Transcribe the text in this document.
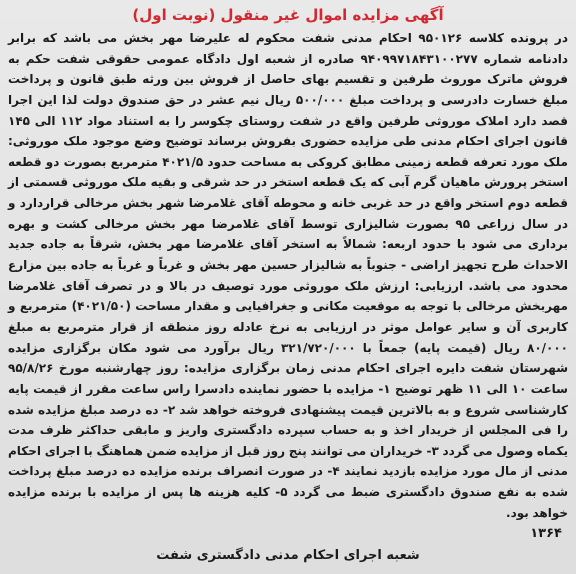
آگهی مزایده اموال غیر منقول (نوبت اول)

در پرونده کلاسه ۹۵۰۱۲۶ احکام مدنی شفت محکوم له علیرضا مهر بخش می باشد که برابر دادنامه شماره ۹۴۰۹۹۷۱۸۴۳۱۰۰۲۷۷ صادره از شعبه اول دادگاه عمومی حقوقی شفت حکم به فروش ماترک موروث طرفین و تقسیم بهای حاصل از فروش بین ورثه طبق قانون و پرداخت مبلغ خسارت دادرسی و پرداخت مبلغ ۵۰۰/۰۰۰ ریال نیم عشر در حق صندوق دولت لذا این اجرا قصد دارد املاک موروثی طرفین واقع در شفت روستای چکوسر را به استناد مواد ۱۱۲ الی ۱۴۵ قانون اجرای احکام مدنی طی مزایده حضوری بفروش برساند توضیح وضع موجود ملک موروثی: ملک مورد تعرفه قطعه زمینی مطابق کروکی به مساحت حدود ۴۰۲۱/۵ مترمربع بصورت دو قطعه استخر پرورش ماهیان گرم آبی که یک قطعه استخر در حد شرقی و بقیه ملک موروثی قسمتی از قطعه دوم استخر واقع در حد غربی خانه و محوطه آقای غلامرضا شهر بخش مرخالی قراردارد و در سال زراعی ۹۵ بصورت شالیزاری توسط آقای غلامرضا مهر بخش مرخالی کشت و بهره برداری می شود با حدود اربعه: شمالاً به استخر آقای غلامرضا مهر بخش، شرقاً به جاده جدید الاحداث طرح تجهیز اراضی - جنوباً به شالیزار حسین مهر بخش و غرباً و غرباً به جاده بین مزارع محدود می باشد. ارزیابی: ارزش ملک موروثی مورد توصیف در بالا و در تصرف آقای غلامرضا مهربخش مرخالی با توجه به موقعیت مکانی و جغرافیایی و مقدار مساحت (۴۰۲۱/۵۰) مترمربع و کاربری آن و سایر عوامل موثر در ارزیابی به نرخ عادله روز منطقه از قرار مترمربع به مبلغ ۸۰/۰۰۰ ریال (قیمت پایه) جمعاً با ۳۲۱/۷۲۰/۰۰۰ ریال برآورد می شود مکان برگزاری مزایده شهرستان شفت دایره اجرای احکام مدنی زمان برگزاری مزایده: روز چهارشنبه مورخ ۹۵/۸/۲۶ ساعت ۱۰ الی ۱۱ ظهر توضیح ۱- مزایده با حضور نماینده دادسرا راس ساعت مقرر از قیمت پایه کارشناسی شروع و به بالاترین قیمت پیشنهادی فروخته خواهد شد ۲- ده درصد مبلغ مزایده شده را فی المجلس از خریدار اخذ و به حساب سپرده دادگستری واریز و مابقی حداکثر ظرف مدت یکماه وصول می گردد ۳- خریداران می توانند پنج روز قبل از مزایده ضمن هماهنگ با اجرای احکام مدنی از مال مورد مزایده بازدید نمایند ۴- در صورت انصراف برنده مزایده ده درصد مبلغ پرداخت شده به نفع صندوق دادگستری ضبط می گردد ۵- کلیه هزینه ها پس از مزایده با برنده مزایده خواهد بود.

۱۳۶۴
شعبه اجرای احکام مدنی دادگستری شفت
